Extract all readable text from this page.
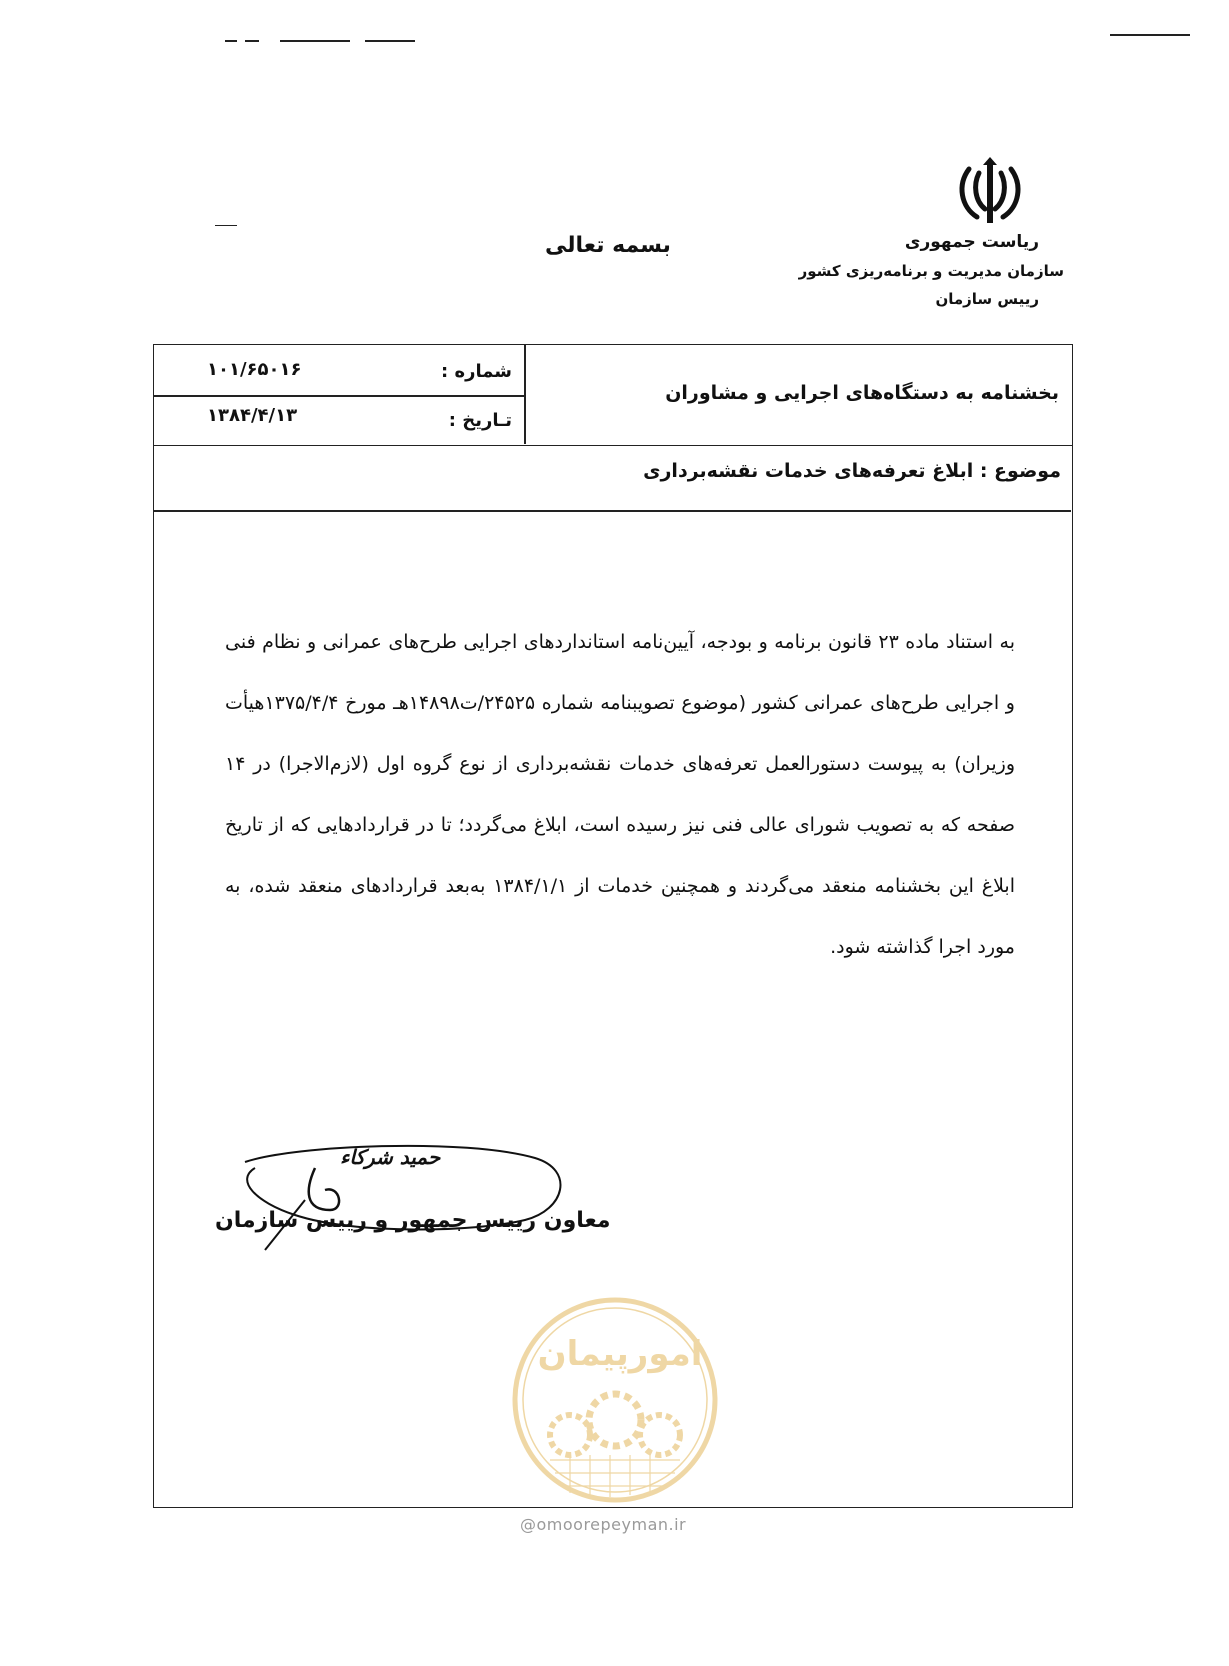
ریاست جمهوری
سازمان مدیریت و برنامه‌ریزی کشور
رییس سازمان
بسمه تعالی
شماره :
۱۰۱/۶۵۰۱۶
تـاریخ :
۱۳۸۴/۴/۱۳
بخشنامه به دستگاه‌های اجرایی و مشاوران
موضوع : ابلاغ تعرفه‌های خدمات نقشه‌برداری
به استناد ماده ۲۳ قانون برنامه و بودجه، آیین‌نامه استانداردهای اجرایی طرح‌های عمرانی و نظام فنی و اجرایی طرح‌های عمرانی کشور (موضوع تصویبنامه شماره ۲۴۵۲۵/ت۱۴۸۹۸هـ مورخ ۱۳۷۵/۴/۴هیأت وزیران) به پیوست دستورالعمل تعرفه‌های خدمات نقشه‌برداری از نوع گروه اول (لازم‌الاجرا) در ۱۴ صفحه که به تصویب شورای عالی فنی نیز رسیده است، ابلاغ می‌گردد؛ تا در قراردادهایی که از تاریخ ابلاغ این بخشنامه منعقد می‌گردند و همچنین خدمات از ۱۳۸۴/۱/۱ به‌بعد قراردادهای منعقد شده، به مورد اجرا گذاشته شود.
حمید شرکاء
معاون رییس جمهور و رییس سازمان
امورپیمان
@omoorepeyman.ir
